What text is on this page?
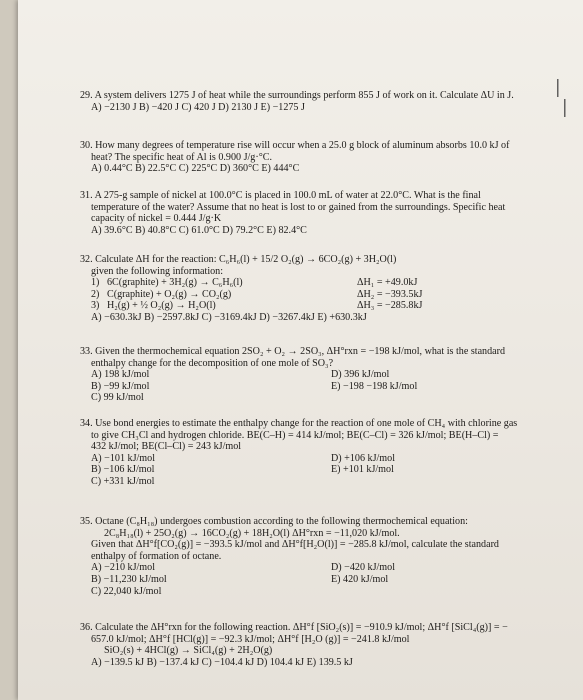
|
|

29. A system delivers 1275 J of heat while the surroundings perform 855 J of work on it. Calculate ΔU in J.

A) −2130 J B) −420 J C) 420 J D) 2130 J E) −1275 J

30. How many degrees of temperature rise will occur when a 25.0 g block of aluminum absorbs 10.0 kJ of

heat? The specific heat of Al is 0.900 J/g·°C.

A) 0.44°C B) 22.5°C C) 225°C D) 360°C E) 444°C

31. A 275-g sample of nickel at 100.0°C is placed in 100.0 mL of water at 22.0°C. What is the final

temperature of the water? Assume that no heat is lost to or gained from the surroundings. Specific heat

capacity of nickel = 0.444 J/g·K

A) 39.6°C B) 40.8°C C) 61.0°C D) 79.2°C E) 82.4°C

32. Calculate ΔH for the reaction: C₆H₆(l) + 15/2 O₂(g) → 6CO₂(g) + 3H₂O(l)

given the following information:

1) 6C(graphite) + 3H₂(g) → C₆H₆(l)	ΔH₁ = +49.0kJ
2) C(graphite) + O₂(g) → CO₂(g)	ΔH₂ = −393.5kJ
3) H₂(g) + ½ O₂(g) → H₂O(l)	ΔH₃ = −285.8kJ

A) −630.3kJ B) −2597.8kJ C) −3169.4kJ D) −3267.4kJ E) +630.3kJ

33. Given the thermochemical equation 2SO₂ + O₂ → 2SO₃, ΔH°rxn = −198 kJ/mol, what is the standard

enthalpy change for the decomposition of one mole of SO₃?

A) 198 kJ/mol	D) 396 kJ/mol
B) −99 kJ/mol	E) −198 −198 kJ/mol
C) 99 kJ/mol

34. Use bond energies to estimate the enthalpy change for the reaction of one mole of CH₄ with chlorine gas

to give CH₃Cl and hydrogen chloride. BE(C–H) = 414 kJ/mol; BE(C–Cl) = 326 kJ/mol; BE(H–Cl) =

432 kJ/mol; BE(Cl–Cl) = 243 kJ/mol

A) −101 kJ/mol	D) +106 kJ/mol
B) −106 kJ/mol	E) +101 kJ/mol
C) +331 kJ/mol

35. Octane (C₈H₁₈) undergoes combustion according to the following thermochemical equation:

2C₈H₁₈(l) + 25O₂(g) → 16CO₂(g) + 18H₂O(l) ΔH°rxn = −11,020 kJ/mol.

Given that ΔH°f[CO₂(g)] = −393.5 kJ/mol and ΔH°f[H₂O(l)] = −285.8 kJ/mol, calculate the standard

enthalpy of formation of octane.

A) −210 kJ/mol	D) −420 kJ/mol
B) −11,230 kJ/mol	E) 420 kJ/mol
C) 22,040 kJ/mol

36. Calculate the ΔH°rxn for the following reaction. ΔH°f [SiO₂(s)] = −910.9 kJ/mol; ΔH°f [SiCl₄(g)] = −

657.0 kJ/mol; ΔH°f [HCl(g)] = −92.3 kJ/mol; ΔH°f [H₂O (g)] = −241.8 kJ/mol

SiO₂(s) + 4HCl(g) → SiCl₄(g) + 2H₂O(g)

A) −139.5 kJ B) −137.4 kJ C) −104.4 kJ D) 104.4 kJ E) 139.5 kJ
